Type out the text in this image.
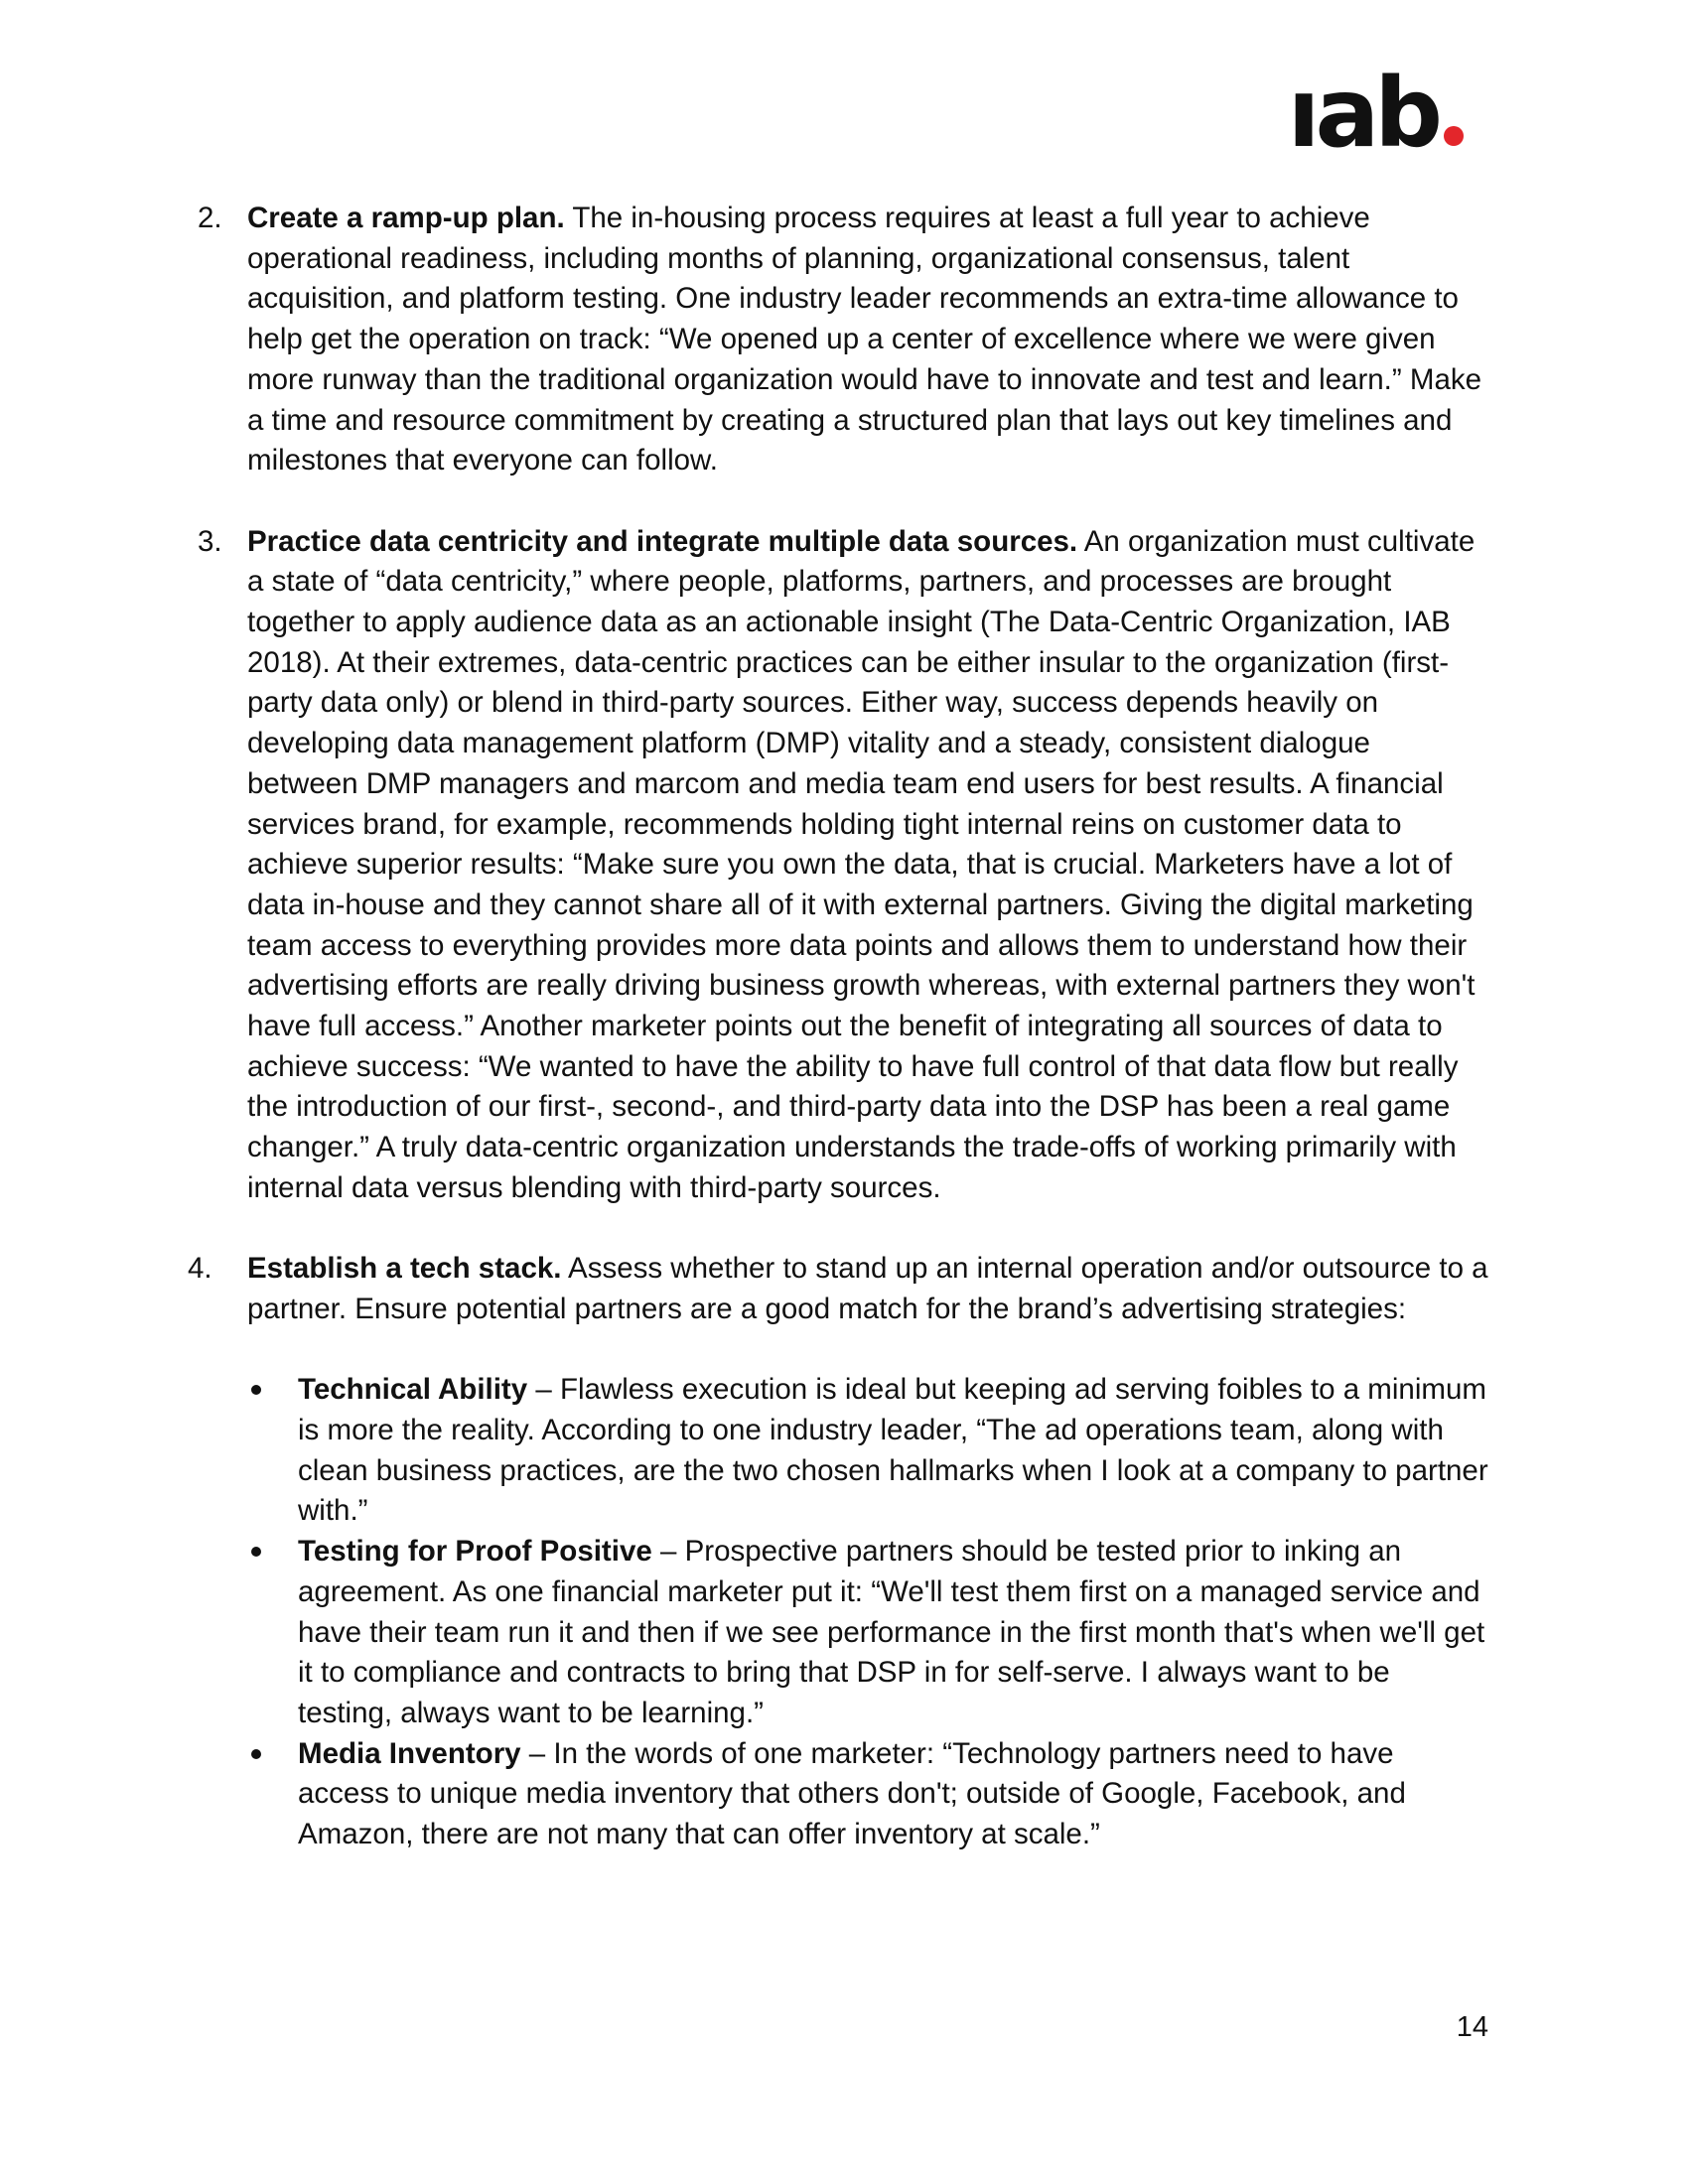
ıab
2. Create a ramp-up plan. The in-housing process requires at least a full year to achieve operational readiness, including months of planning, organizational consensus, talent acquisition, and platform testing. One industry leader recommends an extra-time allowance to help get the operation on track: “We opened up a center of excellence where we were given more runway than the traditional organization would have to innovate and test and learn.” Make a time and resource commitment by creating a structured plan that lays out key timelines and milestones that everyone can follow.
3. Practice data centricity and integrate multiple data sources. An organization must cultivate a state of “data centricity,” where people, platforms, partners, and processes are brought together to apply audience data as an actionable insight (The Data-Centric Organization, IAB 2018). At their extremes, data-centric practices can be either insular to the organization (first-party data only) or blend in third-party sources. Either way, success depends heavily on developing data management platform (DMP) vitality and a steady, consistent dialogue between DMP managers and marcom and media team end users for best results. A financial services brand, for example, recommends holding tight internal reins on customer data to achieve superior results: “Make sure you own the data, that is crucial. Marketers have a lot of data in-house and they cannot share all of it with external partners. Giving the digital marketing team access to everything provides more data points and allows them to understand how their advertising efforts are really driving business growth whereas, with external partners they won't have full access.” Another marketer points out the benefit of integrating all sources of data to achieve success: “We wanted to have the ability to have full control of that data flow but really the introduction of our first-, second-, and third-party data into the DSP has been a real game changer.” A truly data-centric organization understands the trade-offs of working primarily with internal data versus blending with third-party sources.
4. Establish a tech stack. Assess whether to stand up an internal operation and/or outsource to a partner. Ensure potential partners are a good match for the brand’s advertising strategies:
Technical Ability – Flawless execution is ideal but keeping ad serving foibles to a minimum is more the reality. According to one industry leader, “The ad operations team, along with clean business practices, are the two chosen hallmarks when I look at a company to partner with.”
Testing for Proof Positive – Prospective partners should be tested prior to inking an agreement. As one financial marketer put it: “We'll test them first on a managed service and have their team run it and then if we see performance in the first month that's when we'll get it to compliance and contracts to bring that DSP in for self-serve. I always want to be testing, always want to be learning.”
Media Inventory – In the words of one marketer: “Technology partners need to have access to unique media inventory that others don't; outside of Google, Facebook, and Amazon, there are not many that can offer inventory at scale.”
14
